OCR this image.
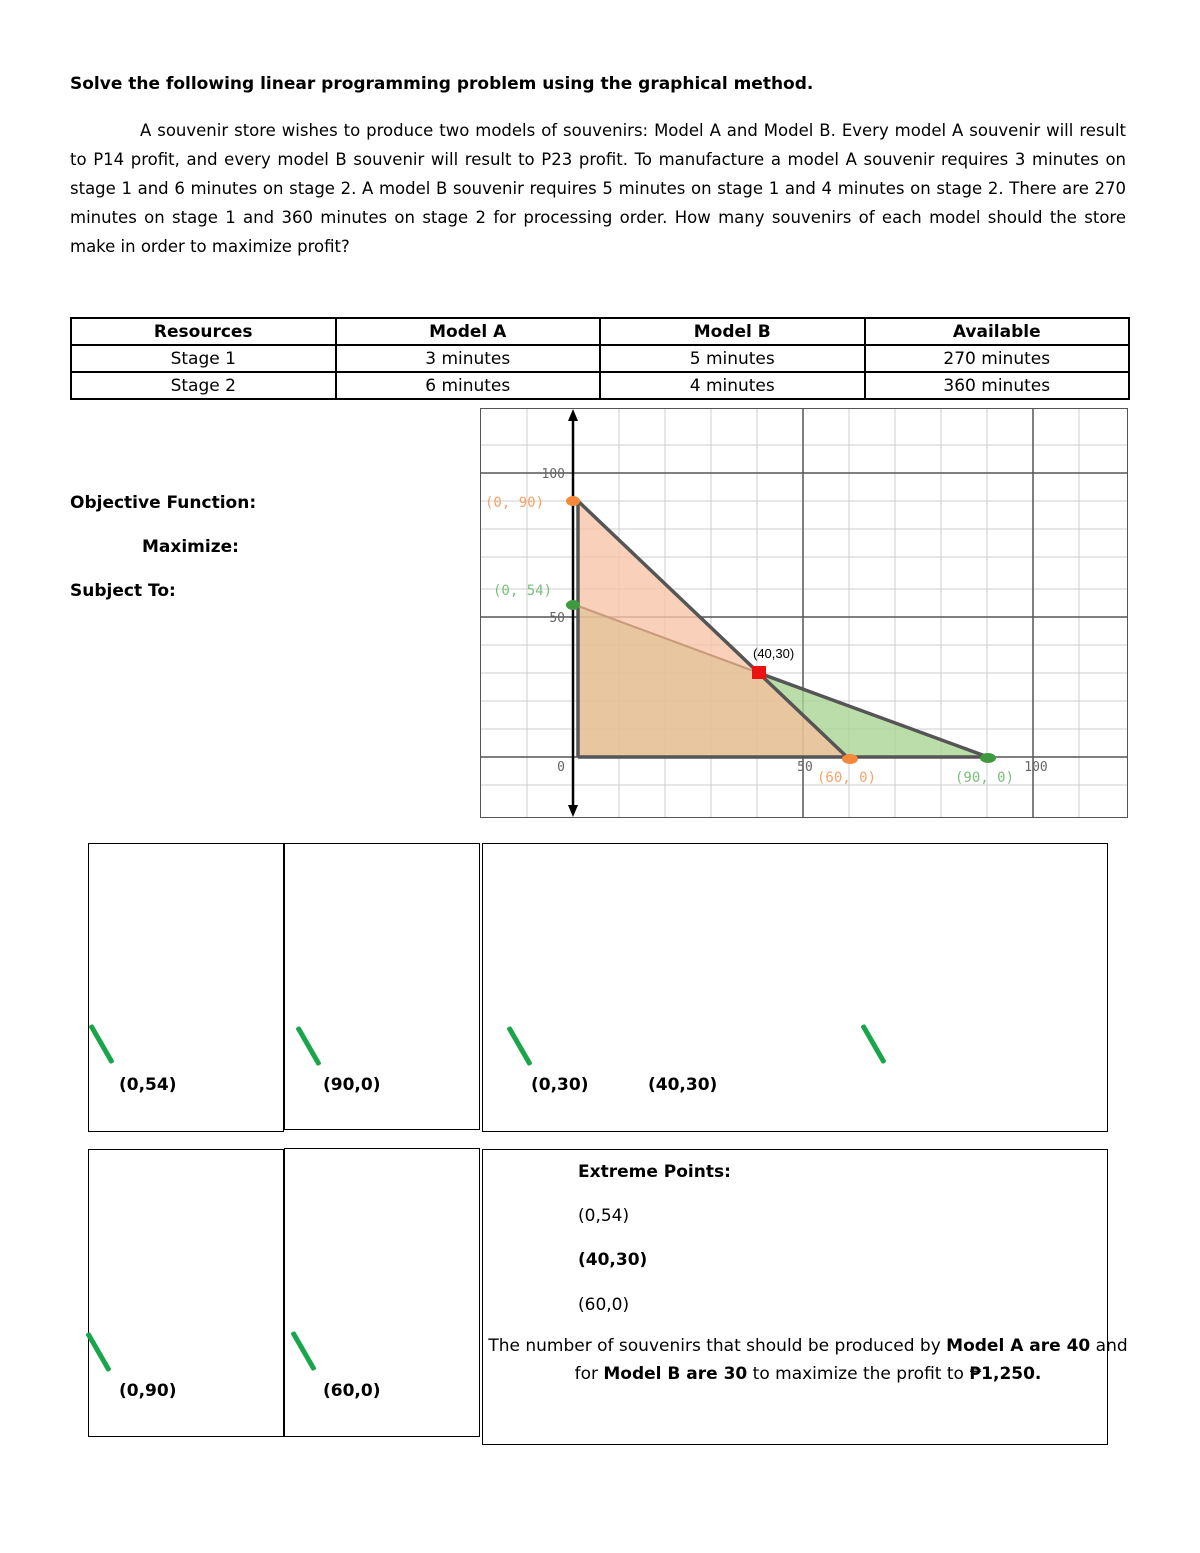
Solve the following linear programming problem using the graphical method.
A souvenir store wishes to produce two models of souvenirs: Model A and Model B. Every model A souvenir will result to P14 profit, and every model B souvenir will result to P23 profit. To manufacture a model A souvenir requires 3 minutes on stage 1 and 6 minutes on stage 2. A model B souvenir requires 5 minutes on stage 1 and 4 minutes on stage 2. There are 270 minutes on stage 1 and 360 minutes on stage 2 for processing order. How many souvenirs of each model should the store make in order to maximize profit?
Resources	Model A	Model B	Available
Stage 1	3 minutes	5 minutes	270 minutes
Stage 2	6 minutes	4 minutes	360 minutes
Objective Function:
Maximize:
Subject To:
100
50
0	50	100
(0, 90)
(0, 54)
(60, 0)	(90, 0)
(40,30)
(0,54)	(90,0)	(0,30)	(40,30)
(0,90)	(60,0)
Extreme Points:
(0,54)
(40,30)
(60,0)
The number of souvenirs that should be produced by Model A are 40 and for Model B are 30 to maximize the profit to ₱1,250.
